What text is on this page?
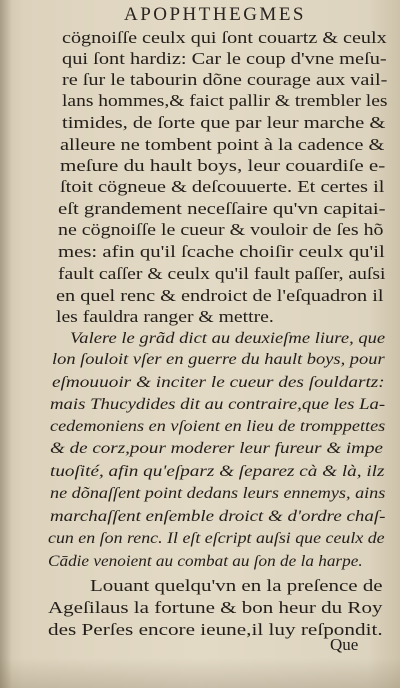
APOPHTHEGMES
cögnoiſſe ceulx qui ſont couartz & ceulx
qui ſont hardiz: Car le coup d'vne meſu-
re ſur le tabourin dõne courage aux vail-
lans hommes,& faict pallir & trembler les
timides, de ſorte que par leur marche &
alleure ne tombent point à la cadence &
meſure du hault boys, leur couardiſe e-
ſtoit cögneue & deſcouuerte. Et certes il
eſt grandement neceſſaire qu'vn capitai-
ne cögnoiſſe le cueur & vouloir de ſes hõ
mes: afin qu'il ſcache choiſir ceulx qu'il
fault caſſer & ceulx qu'il fault paſſer, auſsi
en quel renc & endroict de l'eſquadron il
les fauldra ranger & mettre.
Valere le grãd dict au deuxieſme liure, que
lon ſouloit vſer en guerre du hault boys, pour
eſmouuoir & inciter le cueur des ſouldartz:
mais Thucydides dit au contraire,que les La-
cedemoniens en vſoient en lieu de tromppettes
& de corz,pour moderer leur fureur & impe
tuoſité, afin qu'eſparz & ſeparez cà & là, ilz
ne dõnaſſent point dedans leurs ennemys, ains
marchaſſent enſemble droict & d'ordre chaſ-
cun en ſon renc. Il eſt eſcript auſsi que ceulx de
Cādie venoient au combat au ſon de la harpe.
Louant quelqu'vn en la preſence de
Ageſilaus la fortune & bon heur du Roy
des Perſes encore ieune,il luy reſpondit.
Que
